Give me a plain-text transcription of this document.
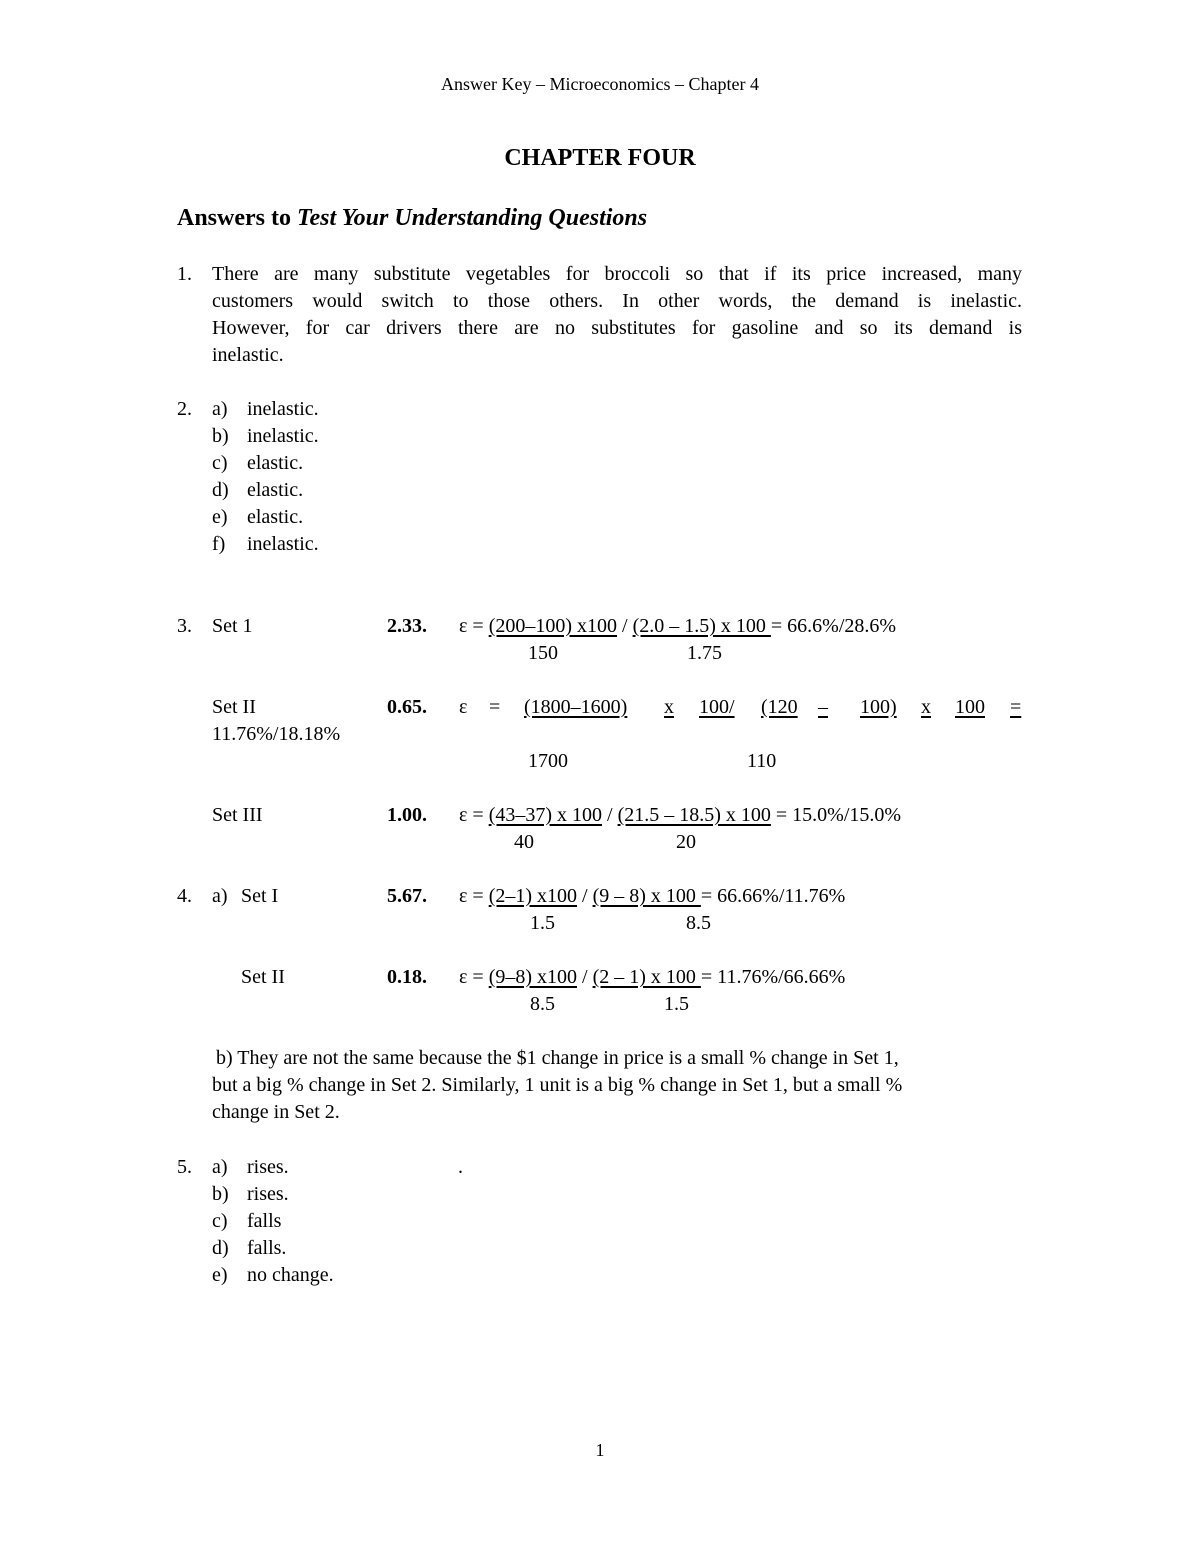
Answer Key – Microeconomics – Chapter 4
CHAPTER FOUR
Answers to Test Your Understanding Questions
1. There are many substitute vegetables for broccoli so that if its price increased, many
customers would switch to those others. In other words, the demand is inelastic.
However, for car drivers there are no substitutes for gasoline and so its demand is
inelastic.
2. a) inelastic.
b) inelastic.
c) elastic.
d) elastic.
e) elastic.
f) inelastic.
3. Set 1	2.33. ε = (200–100) x100 / (2.0 – 1.5) x 100 = 66.6%/28.6%
150	1.75
Set II	0.65. ε = (1800–1600) x 100/ (120 – 100) x 100 =
11.76%/18.18%
1700	110
Set III	1.00. ε = (43–37) x 100 / (21.5 – 18.5) x 100 = 15.0%/15.0%
40	20
4. a) Set I	5.67. ε = (2–1) x100 / (9 – 8) x 100 = 66.66%/11.76%
1.5	8.5
Set II	0.18. ε = (9–8) x100 / (2 – 1) x 100 = 11.76%/66.66%
8.5	1.5
b) They are not the same because the $1 change in price is a small % change in Set 1,
but a big % change in Set 2. Similarly, 1 unit is a big % change in Set 1, but a small %
change in Set 2.
5. a) rises.	.
b) rises.
c) falls
d) falls.
e) no change.
1
